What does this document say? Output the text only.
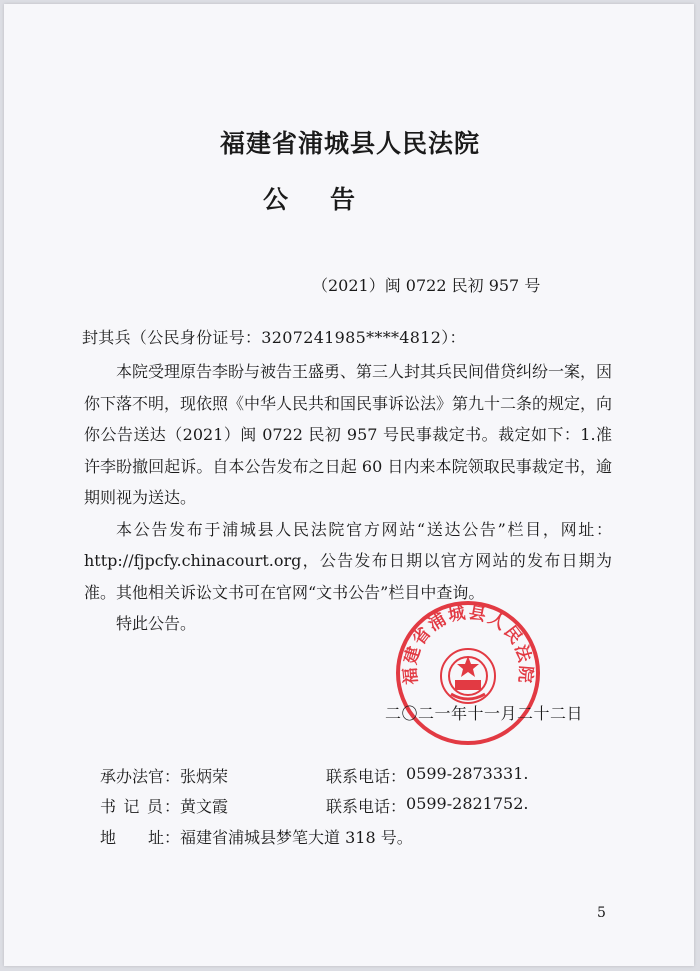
福建省浦城县人民法院
公告
（2021）闽 0722 民初 957 号
封其兵（公民身份证号：3207241985****4812）：

本院受理原告李盼与被告王盛勇、第三人封其兵民间借贷纠纷一案，因你下落不明，现依照《中华人民共和国民事诉讼法》第九十二条的规定，向你公告送达（2021）闽 0722 民初 957 号民事裁定书。裁定如下：1.准许李盼撤回起诉。自本公告发布之日起 60 日内来本院领取民事裁定书，逾期则视为送达。

本公告发布于浦城县人民法院官方网站“送达公告”栏目，网址：http://fjpcfy.chinacourt.org，公告发布日期以官方网站的发布日期为准。其他相关诉讼文书可在官网“文书公告”栏目中查询。

特此公告。

福建省浦城县人民法院
二〇二一年十一月二十二日
承办法官： 张炳荣	联系电话： 0599-2873331.
书 记 员： 黄文霞	联系电话： 0599-2821752.
地　　址： 福建省浦城县梦笔大道 318 号。
5
